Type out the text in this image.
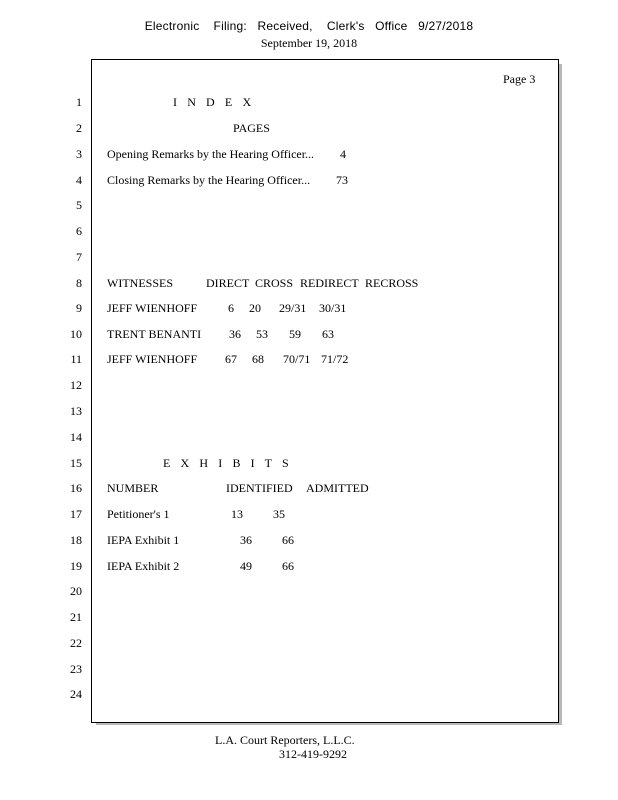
Electronic    Filing:   Received,    Clerk's   Office   9/27/2018
September 19, 2018
Page 3
1
2
3
4
5
6
7
8
9
10
11
12
13
14
15
16
17
18
19
20
21
22
23
24
I N D E X
PAGES
Opening Remarks by the Hearing Officer... 4
Closing Remarks by the Hearing Officer... 73
WITNESSES	DIRECT CROSS REDIRECT RECROSS
JEFF WIENHOFF	6 20 29/31 30/31
TRENT BENANTI 36 53 59 63
JEFF WIENHOFF 67 68 70/71 71/72
E X H I B I T S
NUMBER	IDENTIFIED ADMITTED
Petitioner's 1	13	35
IEPA Exhibit 1	36	66
IEPA Exhibit 2	49	66
L.A. Court Reporters, L.L.C.
312-419-9292
